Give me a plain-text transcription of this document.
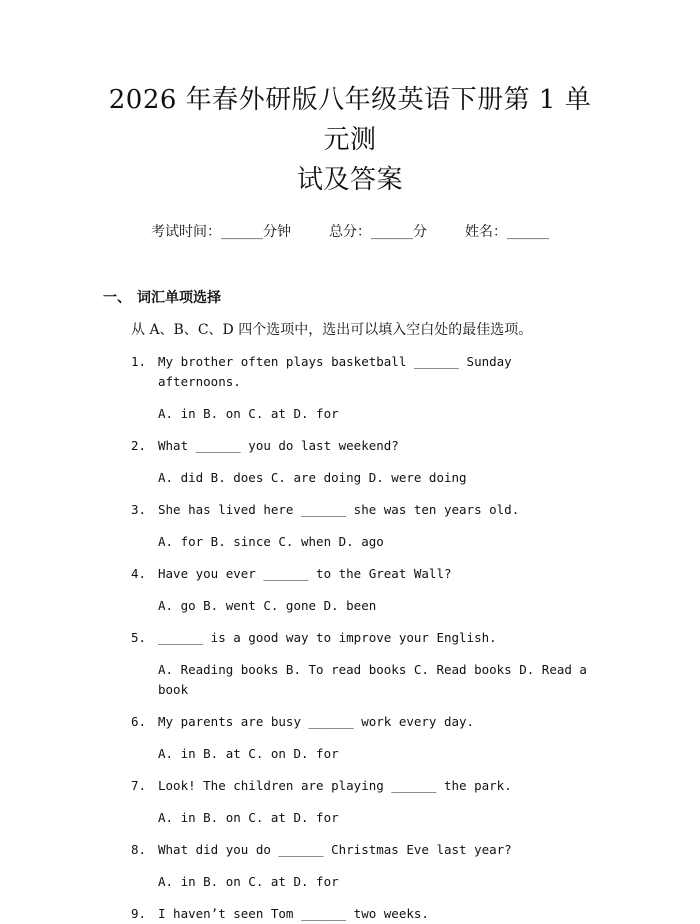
2026 年春外研版八年级英语下册第 1 单元测
试及答案
考试时间：______分钟	总分：______分	姓名：______
一、 词汇单项选择
从 A、B、C、D 四个选项中，选出可以填入空白处的最佳选项。
1. My brother often plays basketball ______ Sunday afternoons.
A. in B. on C. at D. for
2. What ______ you do last weekend?
A. did B. does C. are doing D. were doing
3. She has lived here ______ she was ten years old.
A. for B. since C. when D. ago
4. Have you ever ______ to the Great Wall?
A. go B. went C. gone D. been
5. ______ is a good way to improve your English.
A. Reading books B. To read books C. Read books D. Read a book
6. My parents are busy ______ work every day.
A. in B. at C. on D. for
7. Look! The children are playing ______ the park.
A. in B. on C. at D. for
8. What did you do ______ Christmas Eve last year?
A. in B. on C. at D. for
9. I haven’t seen Tom ______ two weeks.
